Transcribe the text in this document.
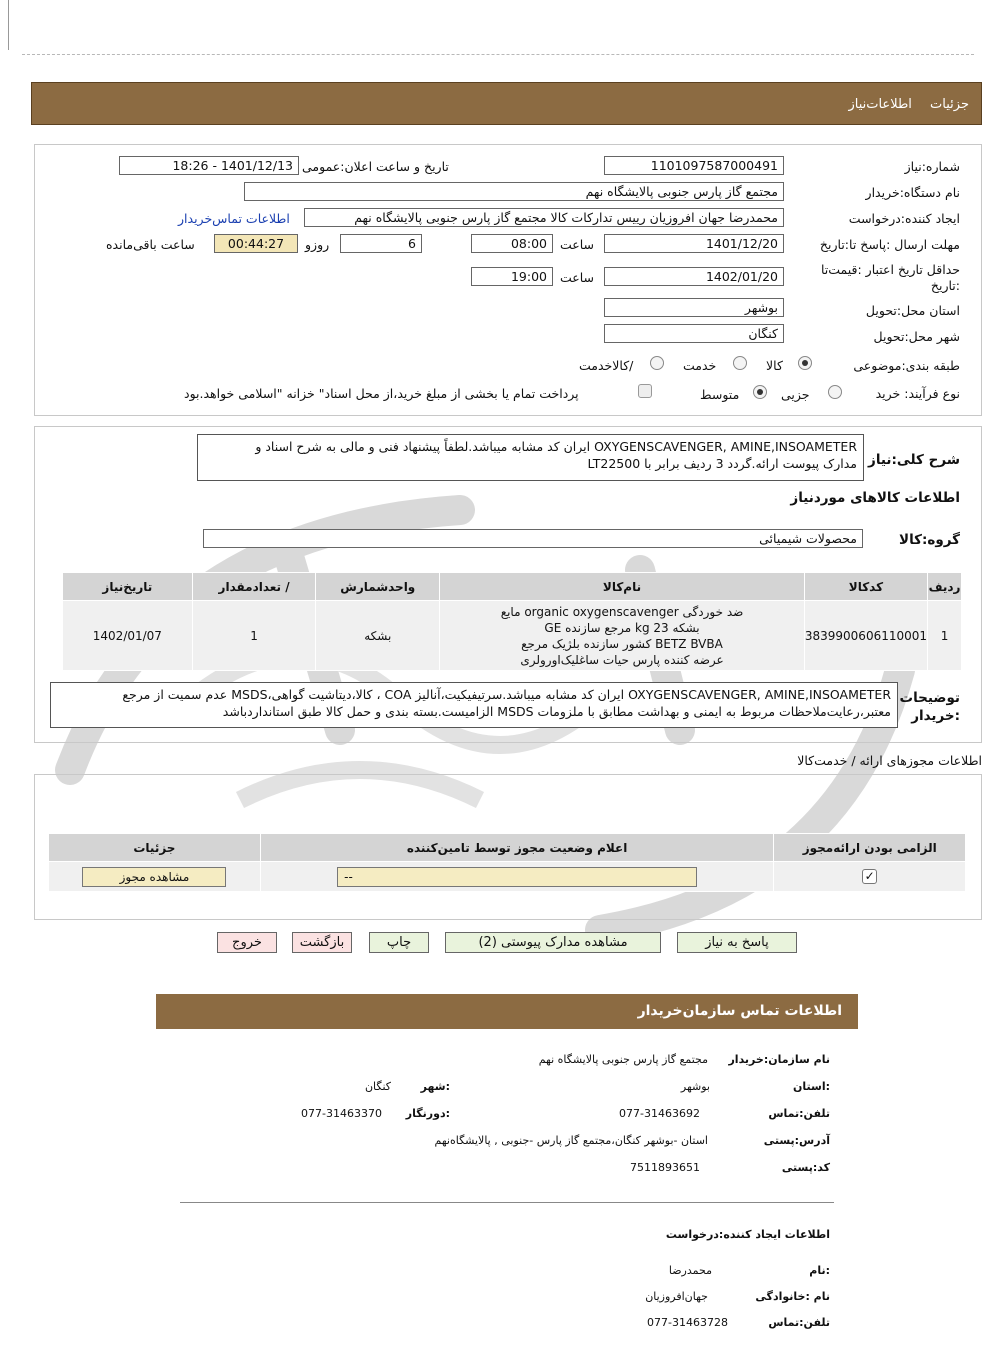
جزئیات اطلاعات‌نیاز
شماره:نیاز
1101097587000491
تاریخ و ساعت اعلان:عمومی
1401/12/13 - 18:26
نام دستگاه:خریدار
مجتمع گاز پارس جنوبی پالایشگاه نهم
ایجاد کننده:درخواست
محمدرضا جهان افروزیان رییس تدارکات کالا مجتمع گاز پارس جنوبی پالایشگاه نهم
اطلاعات تماس‌خریدار
مهلت ارسال :پاسخ تا:تاریخ
1401/12/20
ساعت
08:00
6
روزو
00:44:27
ساعت باقی‌مانده
حداقل تاریخ اعتبار :قیمت‌تا
:تاریخ
1402/01/20
ساعت
19:00
استان محل:تحویل
بوشهر
شهر محل:تحویل
کنگان
طبقه بندی:موضوعی
کالا
خدمت
/کالاخدمت
نوع فرآیند: خرید
جزیی
متوسط
پرداخت تمام یا بخشی از مبلغ خرید،از محل اسناد" خزانه "اسلامی خواهد.بود
شرح کلی:نیاز
OXYGENSCAVENGER, AMINE,INSOAMETER ایران کد مشابه میباشد.لطفاً پیشنهاد فنی و مالی به شرح اسناد و
مدارک پیوست ارائه.گردد 3 ردیف برابر با LT22500
اطلاعات کالاهای موردنیاز
گروه:کالا
محصولات شیمیائی
ردیف	کدکالا	نام‌کالا	واحدشمارش	/ تعدادمقدار	تاریخ‌نیاز
1	3839900606110001	ضد خوردگی organic oxygenscavenger مایع
بشکه 23 kg مرجع سازنده GE
BETZ BVBA کشور سازنده بلژیک مرجع
عرضه کننده پارس حیات ساغلیک‌اورولری	بشکه	1	1402/01/07
توضیحات
:خریدار
OXYGENSCAVENGER, AMINE,INSOAMETER ایران کد مشابه میباشد.سرتیفیکیت،آنالیز COA ، کالا،دیتاشیت گواهی،MSDS عدم سمیت از مرجع
معتبر،رعایت‌ملاحظات مربوط به ایمنی و بهداشت مطابق با ملزومات MSDS الزامیست.بسته بندی و حمل کالا طبق استانداردباشد
اطلاعات مجوزهای ارائه / خدمت‌کالا
الزامی بودن ارائه‌مجوز	اعلام وضعیت مجوز توسط تامین‌کننده	جزئیات
✓	--	مشاهده مجوز
پاسخ به نیاز
مشاهده مدارک پیوستی (2)
چاپ
بازگشت
خروج
اطلاعات تماس سازمان‌خریدار
نام سازمان:خریدار
مجتمع گاز پارس جنوبی پالایشگاه نهم
:استان
بوشهر
:شهر
کنگان
تلفن:تماس
077-31463692
:دورنگار
077-31463370
آدرس:پستی
استان -بوشهر کنگان،مجتمع گاز پارس -جنوبی , پالایشگاه‌نهم
کد:پستی
7511893651
اطلاعات ایجاد کننده:درخواست
:نام
محمدرضا
نام :خانوادگی
جهان‌افروزیان
تلفن:تماس
077-31463728
